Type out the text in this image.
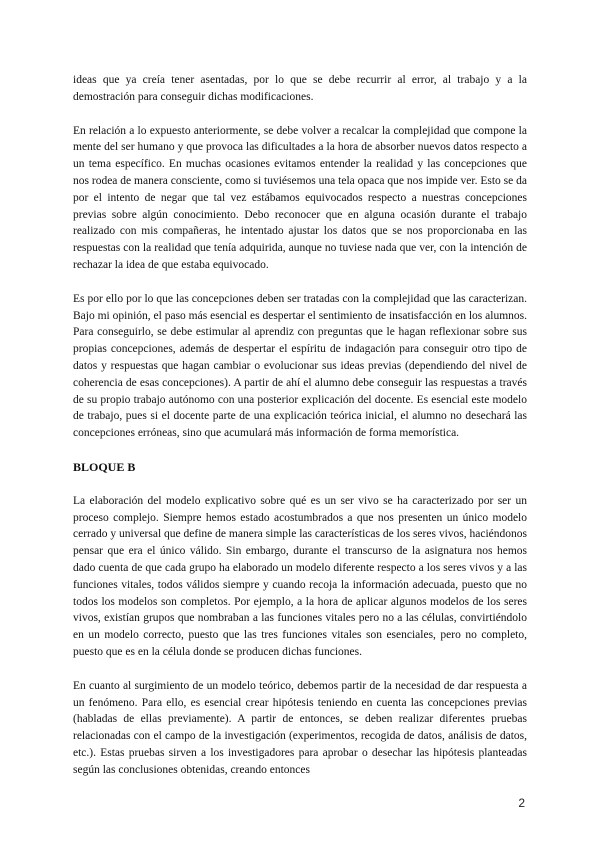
ideas que ya creía tener asentadas, por lo que se debe recurrir al error, al trabajo y a la demostración para conseguir dichas modificaciones.

En relación a lo expuesto anteriormente, se debe volver a recalcar la complejidad que compone la mente del ser humano y que provoca las dificultades a la hora de absorber nuevos datos respecto a un tema específico. En muchas ocasiones evitamos entender la realidad y las concepciones que nos rodea de manera consciente, como si tuviésemos una tela opaca que nos impide ver. Esto se da por el intento de negar que tal vez estábamos equivocados respecto a nuestras concepciones previas sobre algún conocimiento. Debo reconocer que en alguna ocasión durante el trabajo realizado con mis compañeras, he intentado ajustar los datos que se nos proporcionaba en las respuestas con la realidad que tenía adquirida, aunque no tuviese nada que ver, con la intención de rechazar la idea de que estaba equivocado.

Es por ello por lo que las concepciones deben ser tratadas con la complejidad que las caracterizan. Bajo mi opinión, el paso más esencial es despertar el sentimiento de insatisfacción en los alumnos. Para conseguirlo, se debe estimular al aprendiz con preguntas que le hagan reflexionar sobre sus propias concepciones, además de despertar el espíritu de indagación para conseguir otro tipo de datos y respuestas que hagan cambiar o evolucionar sus ideas previas (dependiendo del nivel de coherencia de esas concepciones). A partir de ahí el alumno debe conseguir las respuestas a través de su propio trabajo autónomo con una posterior explicación del docente. Es esencial este modelo de trabajo, pues si el docente parte de una explicación teórica inicial, el alumno no desechará las concepciones erróneas, sino que acumulará más información de forma memorística.

BLOQUE B

La elaboración del modelo explicativo sobre qué es un ser vivo se ha caracterizado por ser un proceso complejo. Siempre hemos estado acostumbrados a que nos presenten un único modelo cerrado y universal que define de manera simple las características de los seres vivos, haciéndonos pensar que era el único válido. Sin embargo, durante el transcurso de la asignatura nos hemos dado cuenta de que cada grupo ha elaborado un modelo diferente respecto a los seres vivos y a las funciones vitales, todos válidos siempre y cuando recoja la información adecuada, puesto que no todos los modelos son completos. Por ejemplo, a la hora de aplicar algunos modelos de los seres vivos, existían grupos que nombraban a las funciones vitales pero no a las células, convirtiéndolo en un modelo correcto, puesto que las tres funciones vitales son esenciales, pero no completo, puesto que es en la célula donde se producen dichas funciones.

En cuanto al surgimiento de un modelo teórico, debemos partir de la necesidad de dar respuesta a un fenómeno. Para ello, es esencial crear hipótesis teniendo en cuenta las concepciones previas (habladas de ellas previamente). A partir de entonces, se deben realizar diferentes pruebas relacionadas con el campo de la investigación (experimentos, recogida de datos, análisis de datos, etc.). Estas pruebas sirven a los investigadores para aprobar o desechar las hipótesis planteadas según las conclusiones obtenidas, creando entonces

2
